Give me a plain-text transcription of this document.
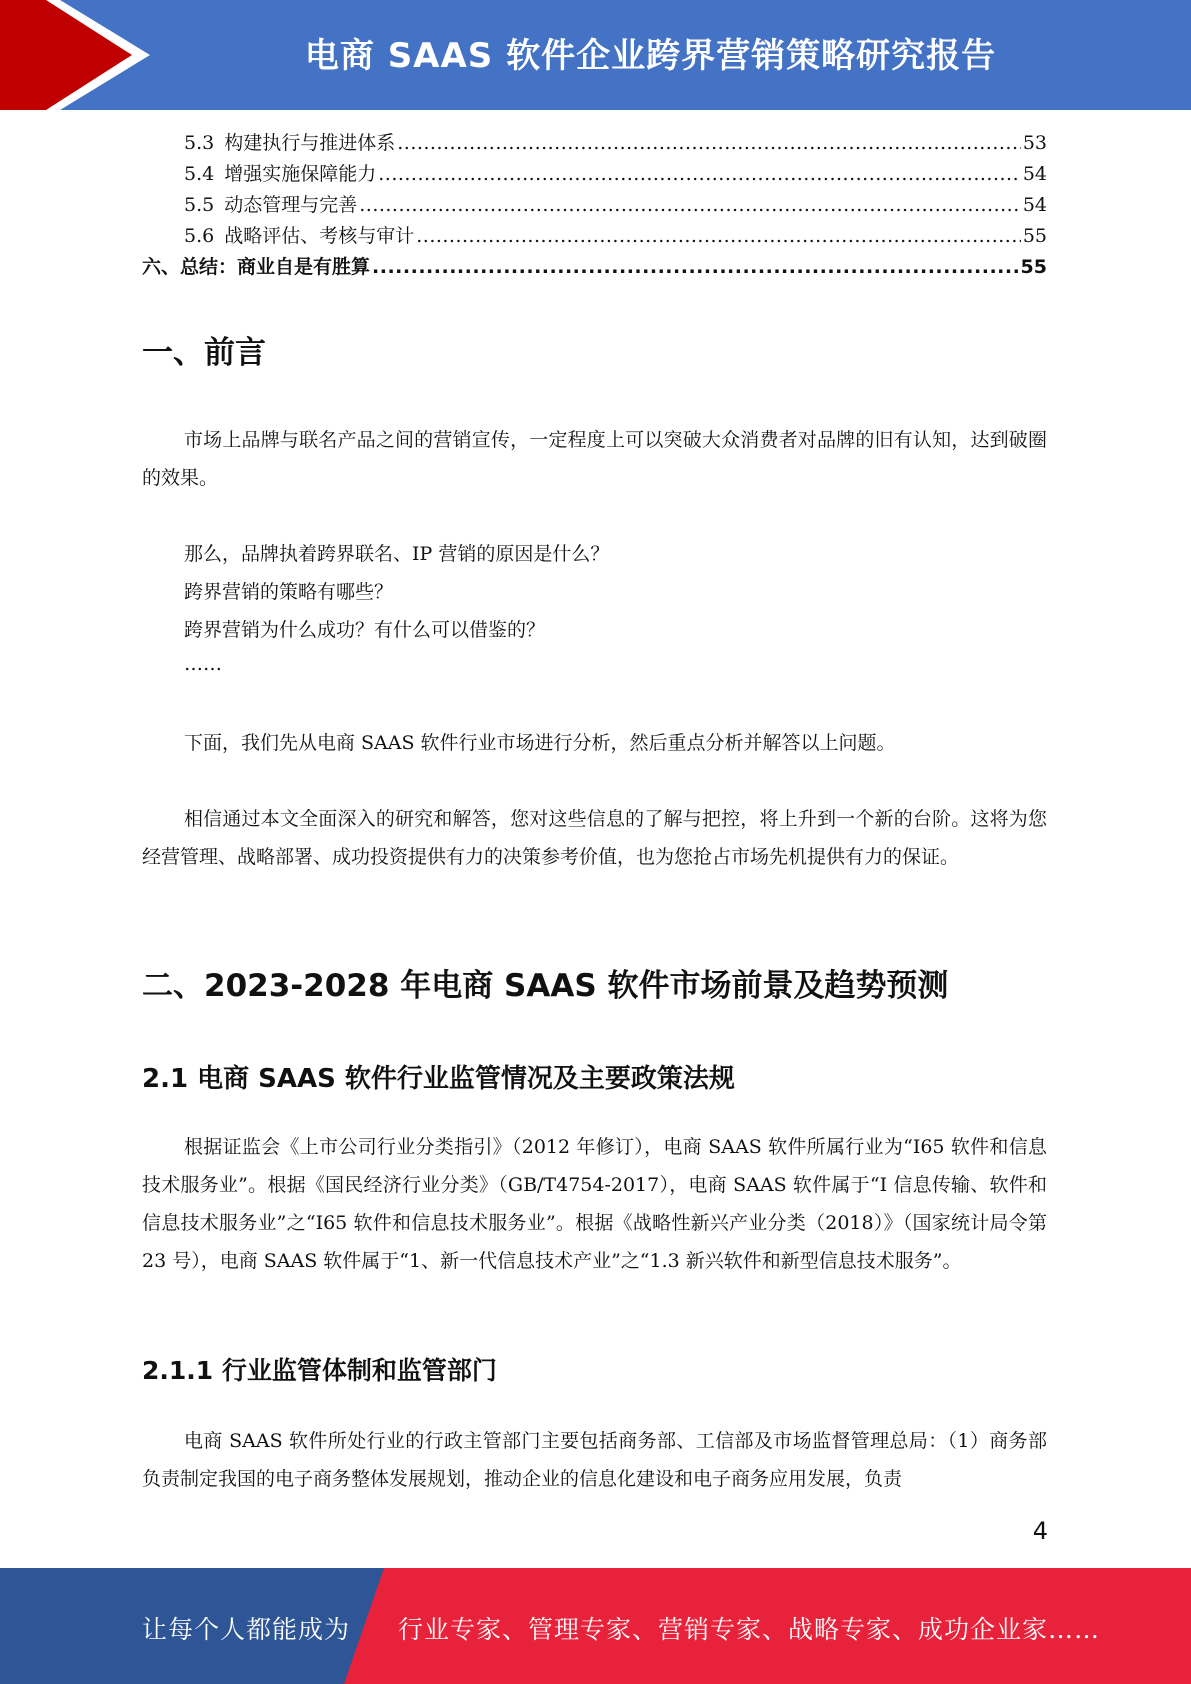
电商 SAAS 软件企业跨界营销策略研究报告
5.3 构建执行与推进体系 .....	53
5.4 增强实施保障能力 .....	54
5.5 动态管理与完善 .....	54
5.6 战略评估、考核与审计 .....	55
六、总结：商业自是有胜算 .....	55
一、前言

市场上品牌与联名产品之间的营销宣传，一定程度上可以突破大众消费者对品牌的旧有认知，达到破圈的效果。

那么，品牌执着跨界联名、IP 营销的原因是什么？
跨界营销的策略有哪些？
跨界营销为什么成功？有什么可以借鉴的？
……

下面，我们先从电商 SAAS 软件行业市场进行分析，然后重点分析并解答以上问题。

相信通过本文全面深入的研究和解答，您对这些信息的了解与把控，将上升到一个新的台阶。这将为您经营管理、战略部署、成功投资提供有力的决策参考价值，也为您抢占市场先机提供有力的保证。

二、2023-2028 年电商 SAAS 软件市场前景及趋势预测
2.1 电商 SAAS 软件行业监管情况及主要政策法规

根据证监会《上市公司行业分类指引》（2012 年修订），电商 SAAS 软件所属行业为“I65 软件和信息技术服务业”。根据《国民经济行业分类》（GB/T4754-2017），电商 SAAS 软件属于“I 信息传输、软件和信息技术服务业”之“I65 软件和信息技术服务业”。根据《战略性新兴产业分类（2018）》（国家统计局令第 23 号），电商 SAAS 软件属于“1、新一代信息技术产业”之“1.3 新兴软件和新型信息技术服务”。

2.1.1 行业监管体制和监管部门

电商 SAAS 软件所处行业的行政主管部门主要包括商务部、工信部及市场监督管理总局：（1）商务部负责制定我国的电子商务整体发展规划，推动企业的信息化建设和电子商务应用发展，负责

4
让每个人都能成为 行业专家、管理专家、营销专家、战略专家、成功企业家……
